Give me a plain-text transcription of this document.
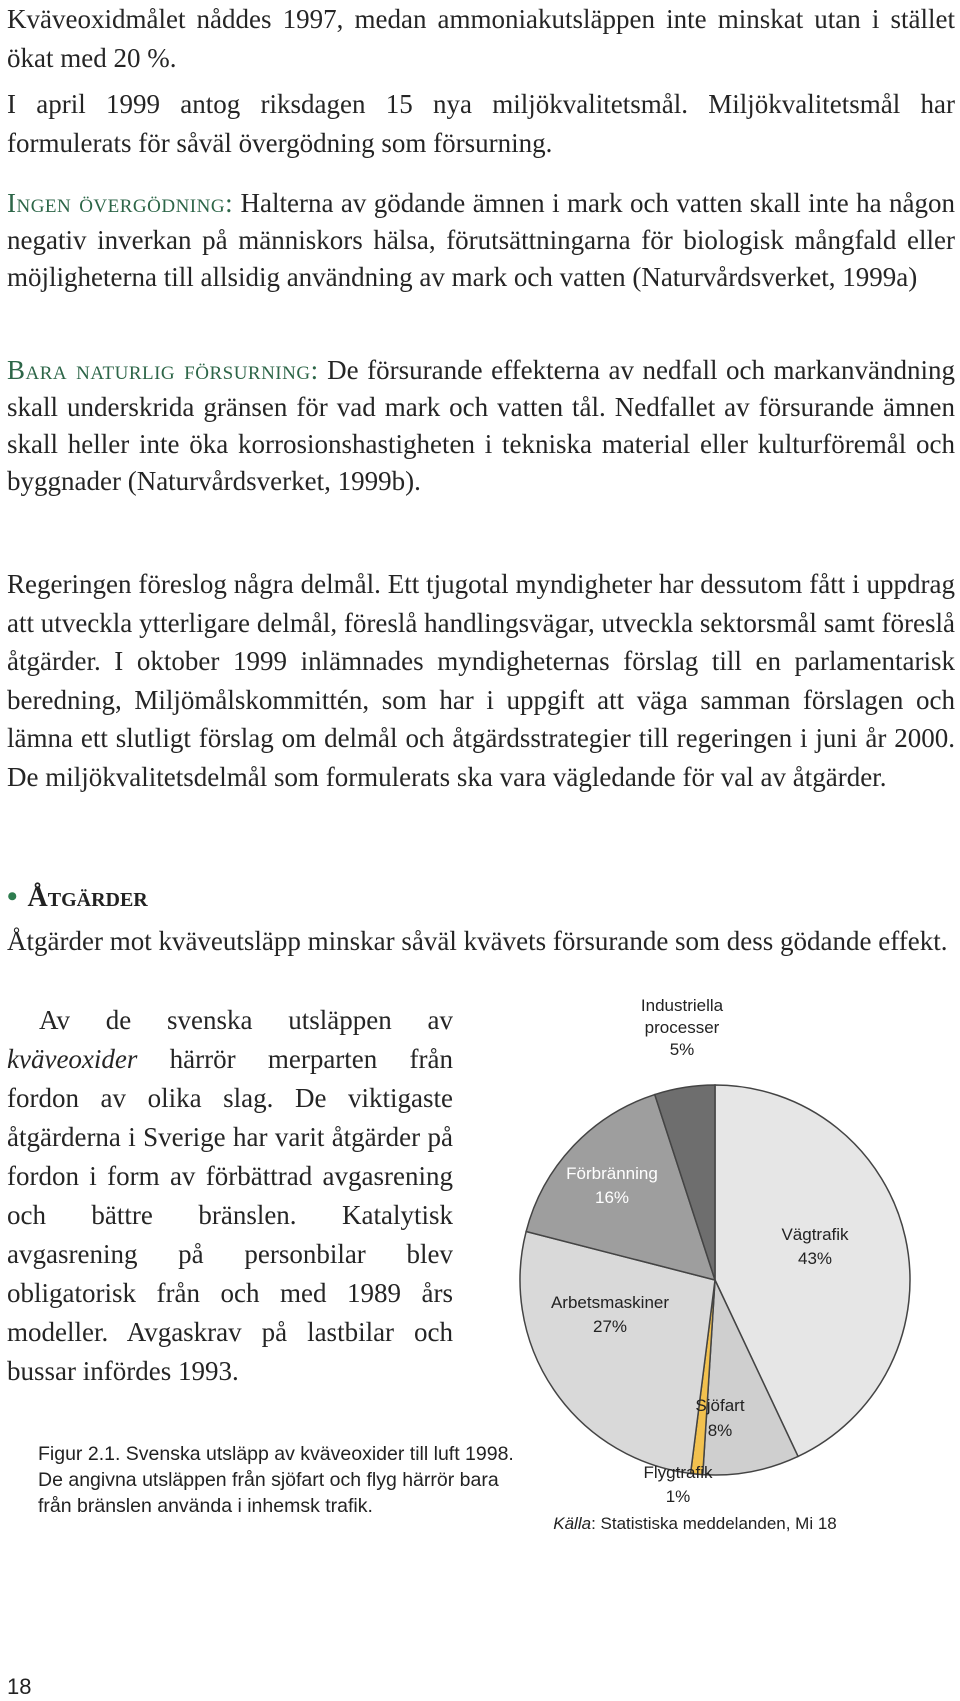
Kväveoxidmålet nåddes 1997, medan ammoniakutsläppen inte minskat utan i stället ökat med 20 %.

I april 1999 antog riksdagen 15 nya miljökvalitetsmål. Miljökvalitetsmål har formulerats för såväl övergödning som försurning.

Ingen övergödning: Halterna av gödande ämnen i mark och vatten skall inte ha någon negativ inverkan på människors hälsa, förutsättningarna för biologisk mångfald eller möjligheterna till allsidig användning av mark och vatten (Naturvårdsverket, 1999a)

Bara naturlig försurning: De försurande effekterna av nedfall och markanvändning skall underskrida gränsen för vad mark och vatten tål. Nedfallet av försurande ämnen skall heller inte öka korrosionshastigheten i tekniska material eller kulturföremål och byggnader (Naturvårdsverket, 1999b).

Regeringen föreslog några delmål. Ett tjugotal myndigheter har dessutom fått i uppdrag att utveckla ytterligare delmål, föreslå handlingsvägar, utveckla sektorsmål samt föreslå åtgärder. I oktober 1999 inlämnades myndigheternas förslag till en parlamentarisk beredning, Miljömålskommittén, som har i uppgift att väga samman förslagen och lämna ett slutligt förslag om delmål och åtgärdsstrategier till regeringen i juni år 2000. De miljökvalitetsdelmål som formulerats ska vara vägledande för val av åtgärder.

• Åtgärder

Åtgärder mot kväveutsläpp minskar såväl kvävets försurande som dess gödande effekt.

Av de svenska utsläppen av kväveoxider härrör merparten från fordon av olika slag. De viktigaste åtgärderna i Sverige har varit åtgärder på fordon i form av förbättrad avgasrening och bättre bränslen. Katalytisk avgasrening på personbilar blev obligatorisk från och med 1989 års modeller. Avgaskrav på lastbilar och bussar infördes 1993.

Figur 2.1. Svenska utsläpp av kväveoxider till luft 1998. De angivna utsläppen från sjöfart och flyg härrör bara från bränslen använda i inhemsk trafik.

Industriella
processer
5%
Förbränning
16%
Vägtrafik
43%
Arbetsmaskiner
27%
Sjöfart
8%
Flygtrafik
1%
Källa: Statistiska meddelanden, Mi 18

18
